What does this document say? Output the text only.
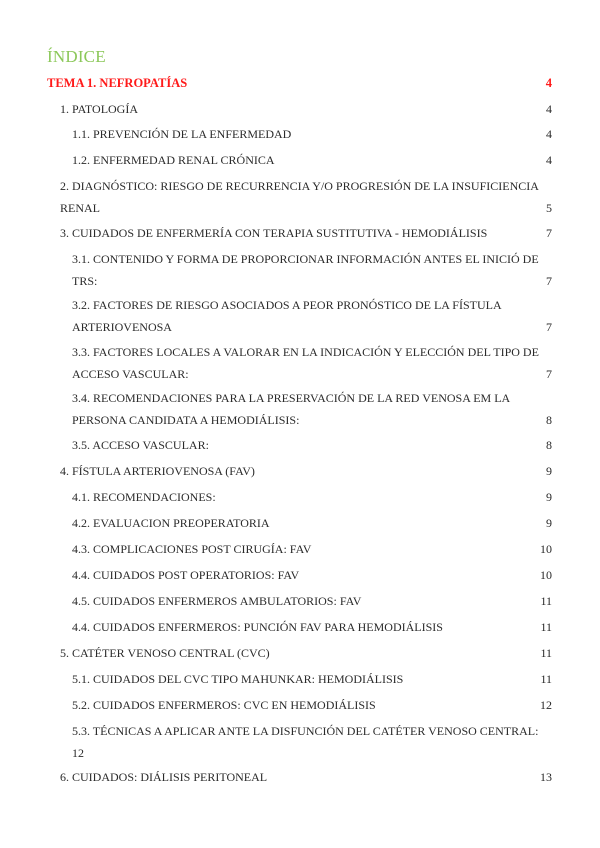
ÍNDICE
TEMA 1. NEFROPATÍAS	4
1. PATOLOGÍA	4
1.1. PREVENCIÓN DE LA ENFERMEDAD	4
1.2. ENFERMEDAD RENAL CRÓNICA	4
2. DIAGNÓSTICO: RIESGO DE RECURRENCIA Y/O PROGRESIÓN DE LA INSUFICIENCIA RENAL	5
3. CUIDADOS DE ENFERMERÍA CON TERAPIA SUSTITUTIVA - HEMODIÁLISIS	7
3.1. CONTENIDO Y FORMA DE PROPORCIONAR INFORMACIÓN ANTES EL INICIÓ DE TRS:	7
3.2. FACTORES DE RIESGO ASOCIADOS A PEOR PRONÓSTICO DE LA FÍSTULA ARTERIOVENOSA	7
3.3. FACTORES LOCALES A VALORAR EN LA INDICACIÓN Y ELECCIÓN DEL TIPO DE ACCESO VASCULAR:	7
3.4. RECOMENDACIONES PARA LA PRESERVACIÓN DE LA RED VENOSA EM LA PERSONA CANDIDATA A HEMODIÁLISIS:	8
3.5. ACCESO VASCULAR:	8
4. FÍSTULA ARTERIOVENOSA (FAV)	9
4.1. RECOMENDACIONES:	9
4.2. EVALUACION PREOPERATORIA	9
4.3. COMPLICACIONES POST CIRUGÍA: FAV	10
4.4. CUIDADOS POST OPERATORIOS: FAV	10
4.5. CUIDADOS ENFERMEROS AMBULATORIOS: FAV	11
4.4. CUIDADOS ENFERMEROS: PUNCIÓN FAV PARA HEMODIÁLISIS	11
5. CATÉTER VENOSO CENTRAL (CVC)	11
5.1. CUIDADOS DEL CVC TIPO MAHUNKAR: HEMODIÁLISIS	11
5.2. CUIDADOS ENFERMEROS: CVC EN HEMODIÁLISIS	12
5.3. TÉCNICAS A APLICAR ANTE LA DISFUNCIÓN DEL CATÉTER VENOSO CENTRAL: 12
6. CUIDADOS: DIÁLISIS PERITONEAL	13
